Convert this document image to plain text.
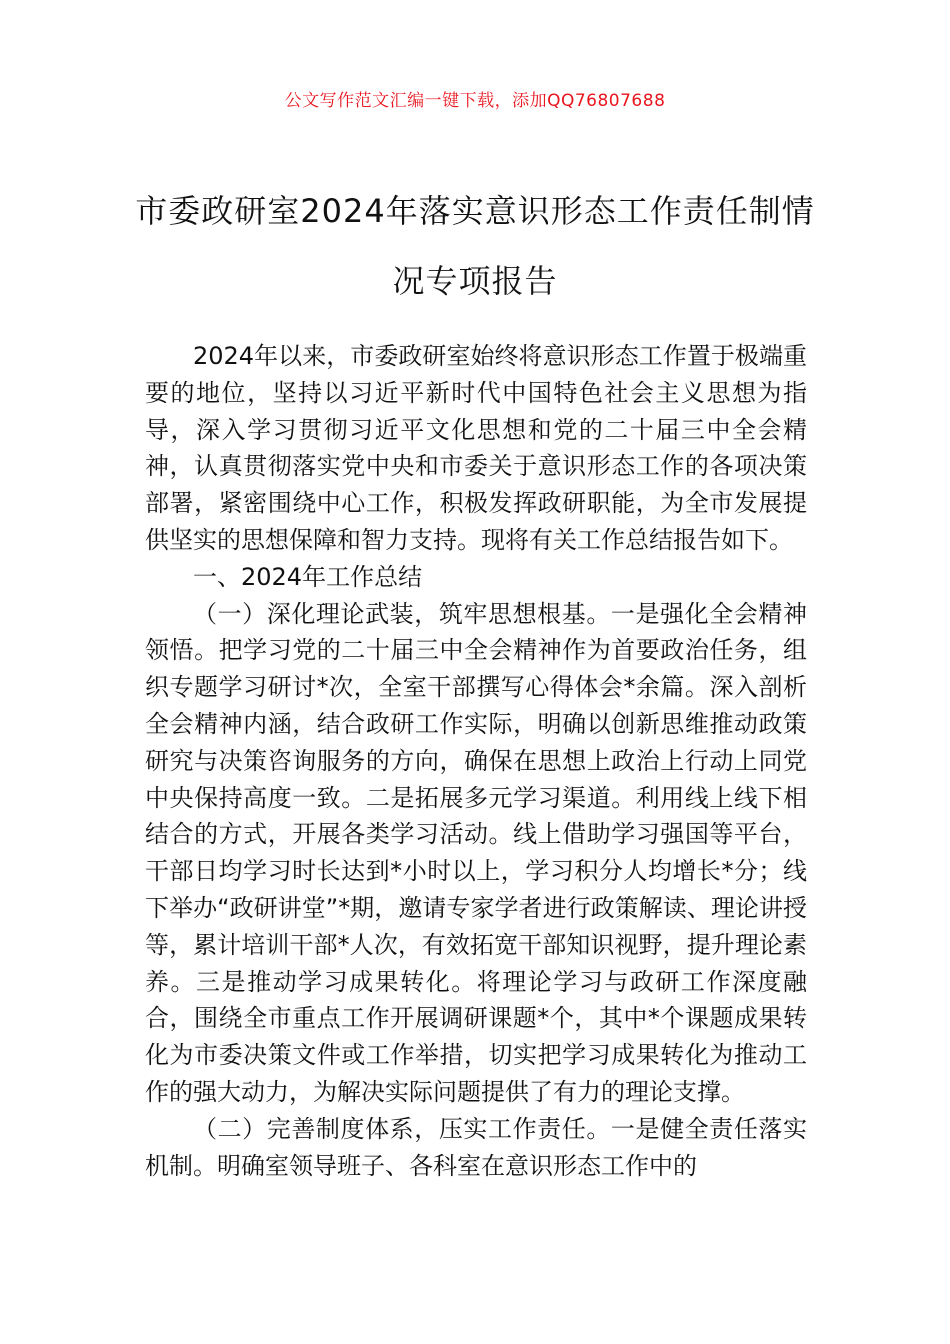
公文写作范文汇编一键下载，添加QQ76807688
市委政研室2024年落实意识形态工作责任制情况专项报告

2024年以来，市委政研室始终将意识形态工作置于极端重要的地位，坚持以习近平新时代中国特色社会主义思想为指导，深入学习贯彻习近平文化思想和党的二十届三中全会精神，认真贯彻落实党中央和市委关于意识形态工作的各项决策部署，紧密围绕中心工作，积极发挥政研职能，为全市发展提供坚实的思想保障和智力支持。现将有关工作总结报告如下。

一、2024年工作总结

（一）深化理论武装，筑牢思想根基。一是强化全会精神领悟。把学习党的二十届三中全会精神作为首要政治任务，组织专题学习研讨*次，全室干部撰写心得体会*余篇。深入剖析全会精神内涵，结合政研工作实际，明确以创新思维推动政策研究与决策咨询服务的方向，确保在思想上政治上行动上同党中央保持高度一致。二是拓展多元学习渠道。利用线上线下相结合的方式，开展各类学习活动。线上借助学习强国等平台，干部日均学习时长达到*小时以上，学习积分人均增长*分；线下举办“政研讲堂”*期，邀请专家学者进行政策解读、理论讲授等，累计培训干部*人次，有效拓宽干部知识视野，提升理论素养。三是推动学习成果转化。将理论学习与政研工作深度融合，围绕全市重点工作开展调研课题*个，其中*个课题成果转化为市委决策文件或工作举措，切实把学习成果转化为推动工作的强大动力，为解决实际问题提供了有力的理论支撑。

（二）完善制度体系，压实工作责任。一是健全责任落实机制。明确室领导班子、各科室在意识形态工作中的
